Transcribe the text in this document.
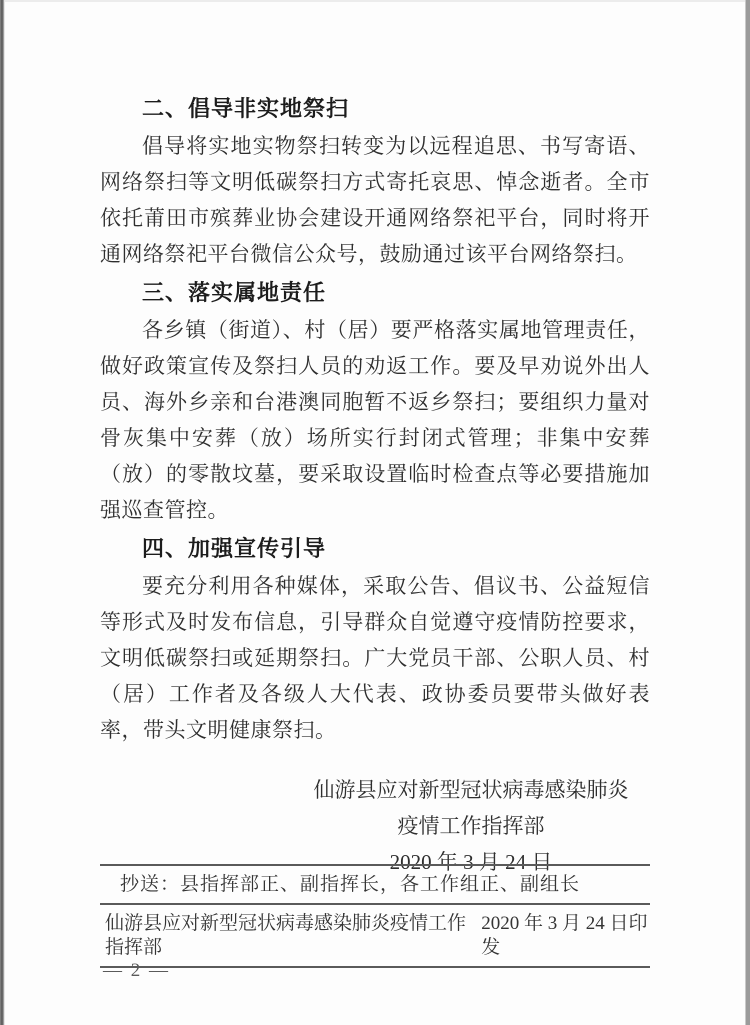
二、倡导非实地祭扫

倡导将实地实物祭扫转变为以远程追思、书写寄语、网络祭扫等文明低碳祭扫方式寄托哀思、悼念逝者。全市依托莆田市殡葬业协会建设开通网络祭祀平台，同时将开通网络祭祀平台微信公众号，鼓励通过该平台网络祭扫。

三、落实属地责任

各乡镇（街道）、村（居）要严格落实属地管理责任，做好政策宣传及祭扫人员的劝返工作。要及早劝说外出人员、海外乡亲和台港澳同胞暂不返乡祭扫；要组织力量对骨灰集中安葬（放）场所实行封闭式管理；非集中安葬（放）的零散坟墓，要采取设置临时检查点等必要措施加强巡查管控。

四、加强宣传引导

要充分利用各种媒体，采取公告、倡议书、公益短信等形式及时发布信息，引导群众自觉遵守疫情防控要求，文明低碳祭扫或延期祭扫。广大党员干部、公职人员、村（居）工作者及各级人大代表、政协委员要带头做好表率，带头文明健康祭扫。

仙游县应对新型冠状病毒感染肺炎
疫情工作指挥部
2020 年 3 月 24 日
抄送：县指挥部正、副指挥长，各工作组正、副组长
仙游县应对新型冠状病毒感染肺炎疫情工作指挥部
2020 年 3 月 24 日印发
— 2 —
